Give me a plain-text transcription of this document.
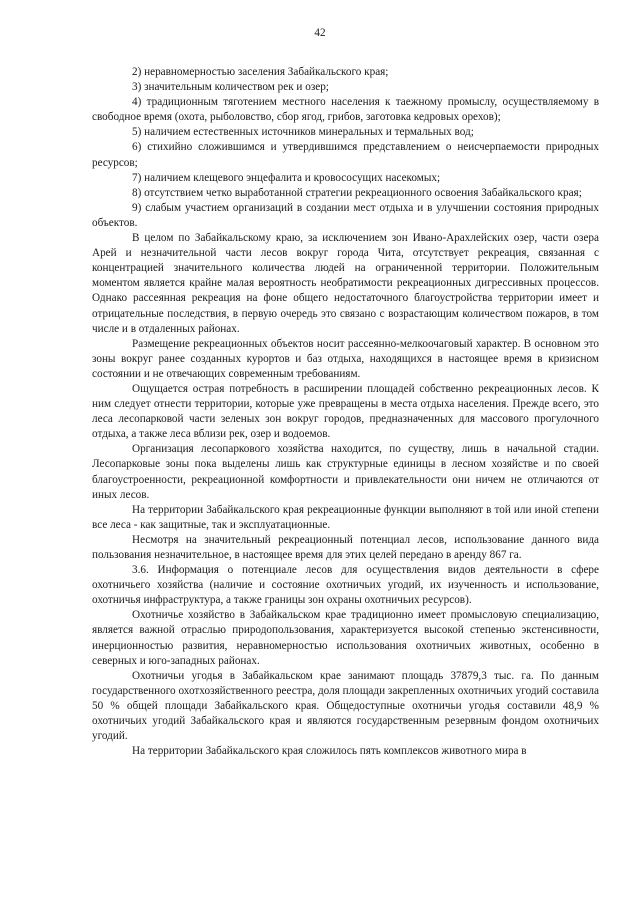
42

2) неравномерностью заселения Забайкальского края;

3) значительным количеством рек и озер;

4) традиционным тяготением местного населения к таежному промыслу, осуществляемому в свободное время (охота, рыболовство, сбор ягод, грибов, заготовка кедровых орехов);

5) наличием естественных источников минеральных и термальных вод;

6) стихийно сложившимся и утвердившимся представлением о неисчерпаемости природных ресурсов;

7) наличием клещевого энцефалита и кровососущих насекомых;

8) отсутствием четко выработанной стратегии рекреационного освоения Забайкальского края;

9) слабым участием организаций в создании мест отдыха и в улучшении состояния природных объектов.

В целом по Забайкальскому краю, за исключением зон Ивано-Арахлейских озер, части озера Арей и незначительной части лесов вокруг города Чита, отсутствует рекреация, связанная с концентрацией значительного количества людей на ограниченной территории. Положительным моментом является крайне малая вероятность необратимости рекреационных дигрессивных процессов. Однако рассеянная рекреация на фоне общего недостаточного благоустройства территории имеет и отрицательные последствия, в первую очередь это связано с возрастающим количеством пожаров, в том числе и в отдаленных районах.

Размещение рекреационных объектов носит рассеянно-мелкоочаговый характер. В основном это зоны вокруг ранее созданных курортов и баз отдыха, находящихся в настоящее время в кризисном состоянии и не отвечающих современным требованиям.

Ощущается острая потребность в расширении площадей собственно рекреационных лесов. К ним следует отнести территории, которые уже превращены в места отдыха населения. Прежде всего, это леса лесопарковой части зеленых зон вокруг городов, предназначенных для массового прогулочного отдыха, а также леса вблизи рек, озер и водоемов.

Организация лесопаркового хозяйства находится, по существу, лишь в начальной стадии. Лесопарковые зоны пока выделены лишь как структурные единицы в лесном хозяйстве и по своей благоустроенности, рекреационной комфортности и привлекательности они ничем не отличаются от иных лесов.

На территории Забайкальского края рекреационные функции выполняют в той или иной степени все леса - как защитные, так и эксплуатационные.

Несмотря на значительный рекреационный потенциал лесов, использование данного вида пользования незначительное, в настоящее время для этих целей передано в аренду 867 га.

3.6. Информация о потенциале лесов для осуществления видов деятельности в сфере охотничьего хозяйства (наличие и состояние охотничьих угодий, их изученность и использование, охотничья инфраструктура, а также границы зон охраны охотничьих ресурсов).

Охотничье хозяйство в Забайкальском крае традиционно имеет промысловую специализацию, является важной отраслью природопользования, характеризуется высокой степенью экстенсивности, инерционностью развития, неравномерностью использования охотничьих животных, особенно в северных и юго-западных районах.

Охотничьи угодья в Забайкальском крае занимают площадь 37879,3 тыс. га. По данным государственного охотхозяйственного реестра, доля площади закрепленных охотничьих угодий составила 50 % общей площади Забайкальского края. Общедоступные охотничьи угодья составили 48,9 % охотничьих угодий Забайкальского края и являются государственным резервным фондом охотничьих угодий.

На территории Забайкальского края сложилось пять комплексов животного мира в
